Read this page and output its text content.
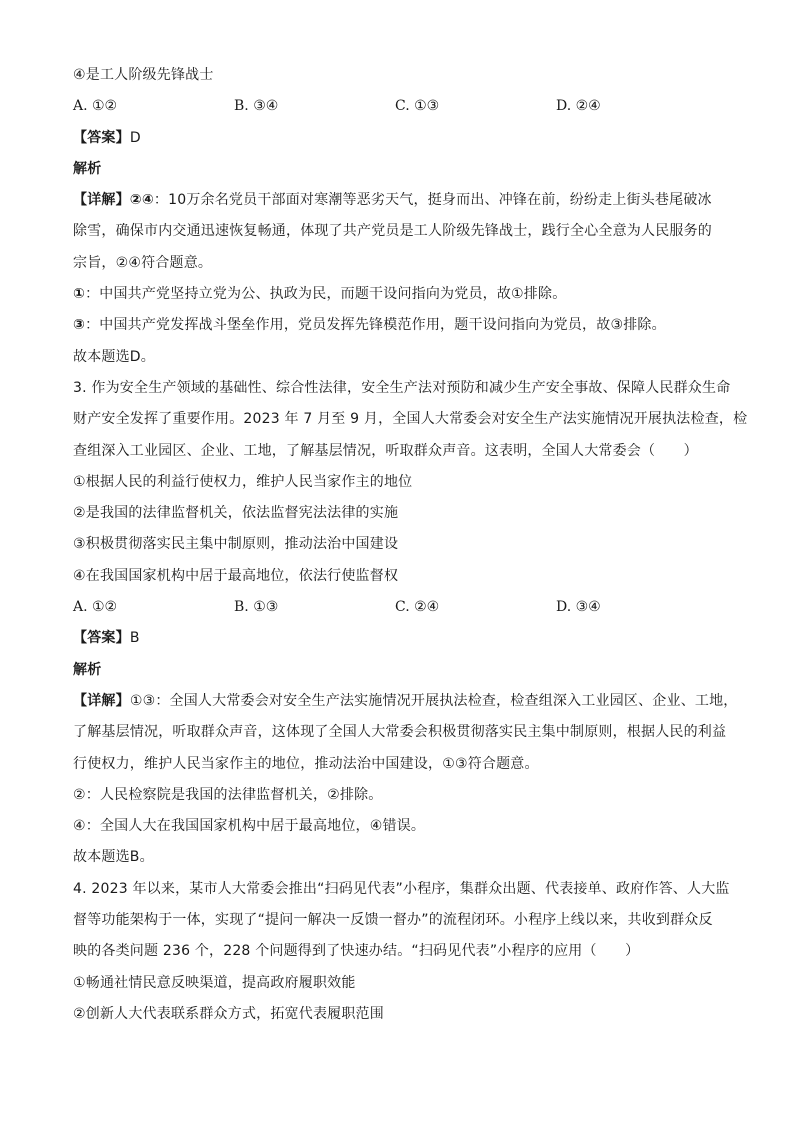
④是工人阶级先锋战士
A. ①②	B. ③④	C. ①③	D. ②④
【答案】D
解析
【详解】②④：10万余名党员干部面对寒潮等恶劣天气，挺身而出、冲锋在前，纷纷走上街头巷尾破冰
除雪，确保市内交通迅速恢复畅通，体现了共产党员是工人阶级先锋战士，践行全心全意为人民服务的
宗旨，②④符合题意。
①：中国共产党坚持立党为公、执政为民，而题干设问指向为党员，故①排除。
③：中国共产党发挥战斗堡垒作用，党员发挥先锋模范作用，题干设问指向为党员，故③排除。
故本题选D。
3. 作为安全生产领域的基础性、综合性法律，安全生产法对预防和减少生产安全事故、保障人民群众生命
财产安全发挥了重要作用。2023 年 7 月至 9 月，全国人大常委会对安全生产法实施情况开展执法检查，检
查组深入工业园区、企业、工地，了解基层情况，听取群众声音。这表明，全国人大常委会（　　）
①根据人民的利益行使权力，维护人民当家作主的地位
②是我国的法律监督机关，依法监督宪法法律的实施
③积极贯彻落实民主集中制原则，推动法治中国建设
④在我国国家机构中居于最高地位，依法行使监督权
A. ①②	B. ①③	C. ②④	D. ③④
【答案】B
解析
【详解】①③：全国人大常委会对安全生产法实施情况开展执法检查，检查组深入工业园区、企业、工地，
了解基层情况，听取群众声音，这体现了全国人大常委会积极贯彻落实民主集中制原则，根据人民的利益
行使权力，维护人民当家作主的地位，推动法治中国建设，①③符合题意。
②：人民检察院是我国的法律监督机关，②排除。
④：全国人大在我国国家机构中居于最高地位，④错误。
故本题选B。
4. 2023 年以来，某市人大常委会推出“扫码见代表”小程序，集群众出题、代表接单、政府作答、人大监
督等功能架构于一体，实现了“提问一解决一反馈一督办”的流程闭环。小程序上线以来，共收到群众反
映的各类问题 236 个，228 个问题得到了快速办结。“扫码见代表”小程序的应用（　　）
①畅通社情民意反映渠道，提高政府履职效能
②创新人大代表联系群众方式，拓宽代表履职范围
